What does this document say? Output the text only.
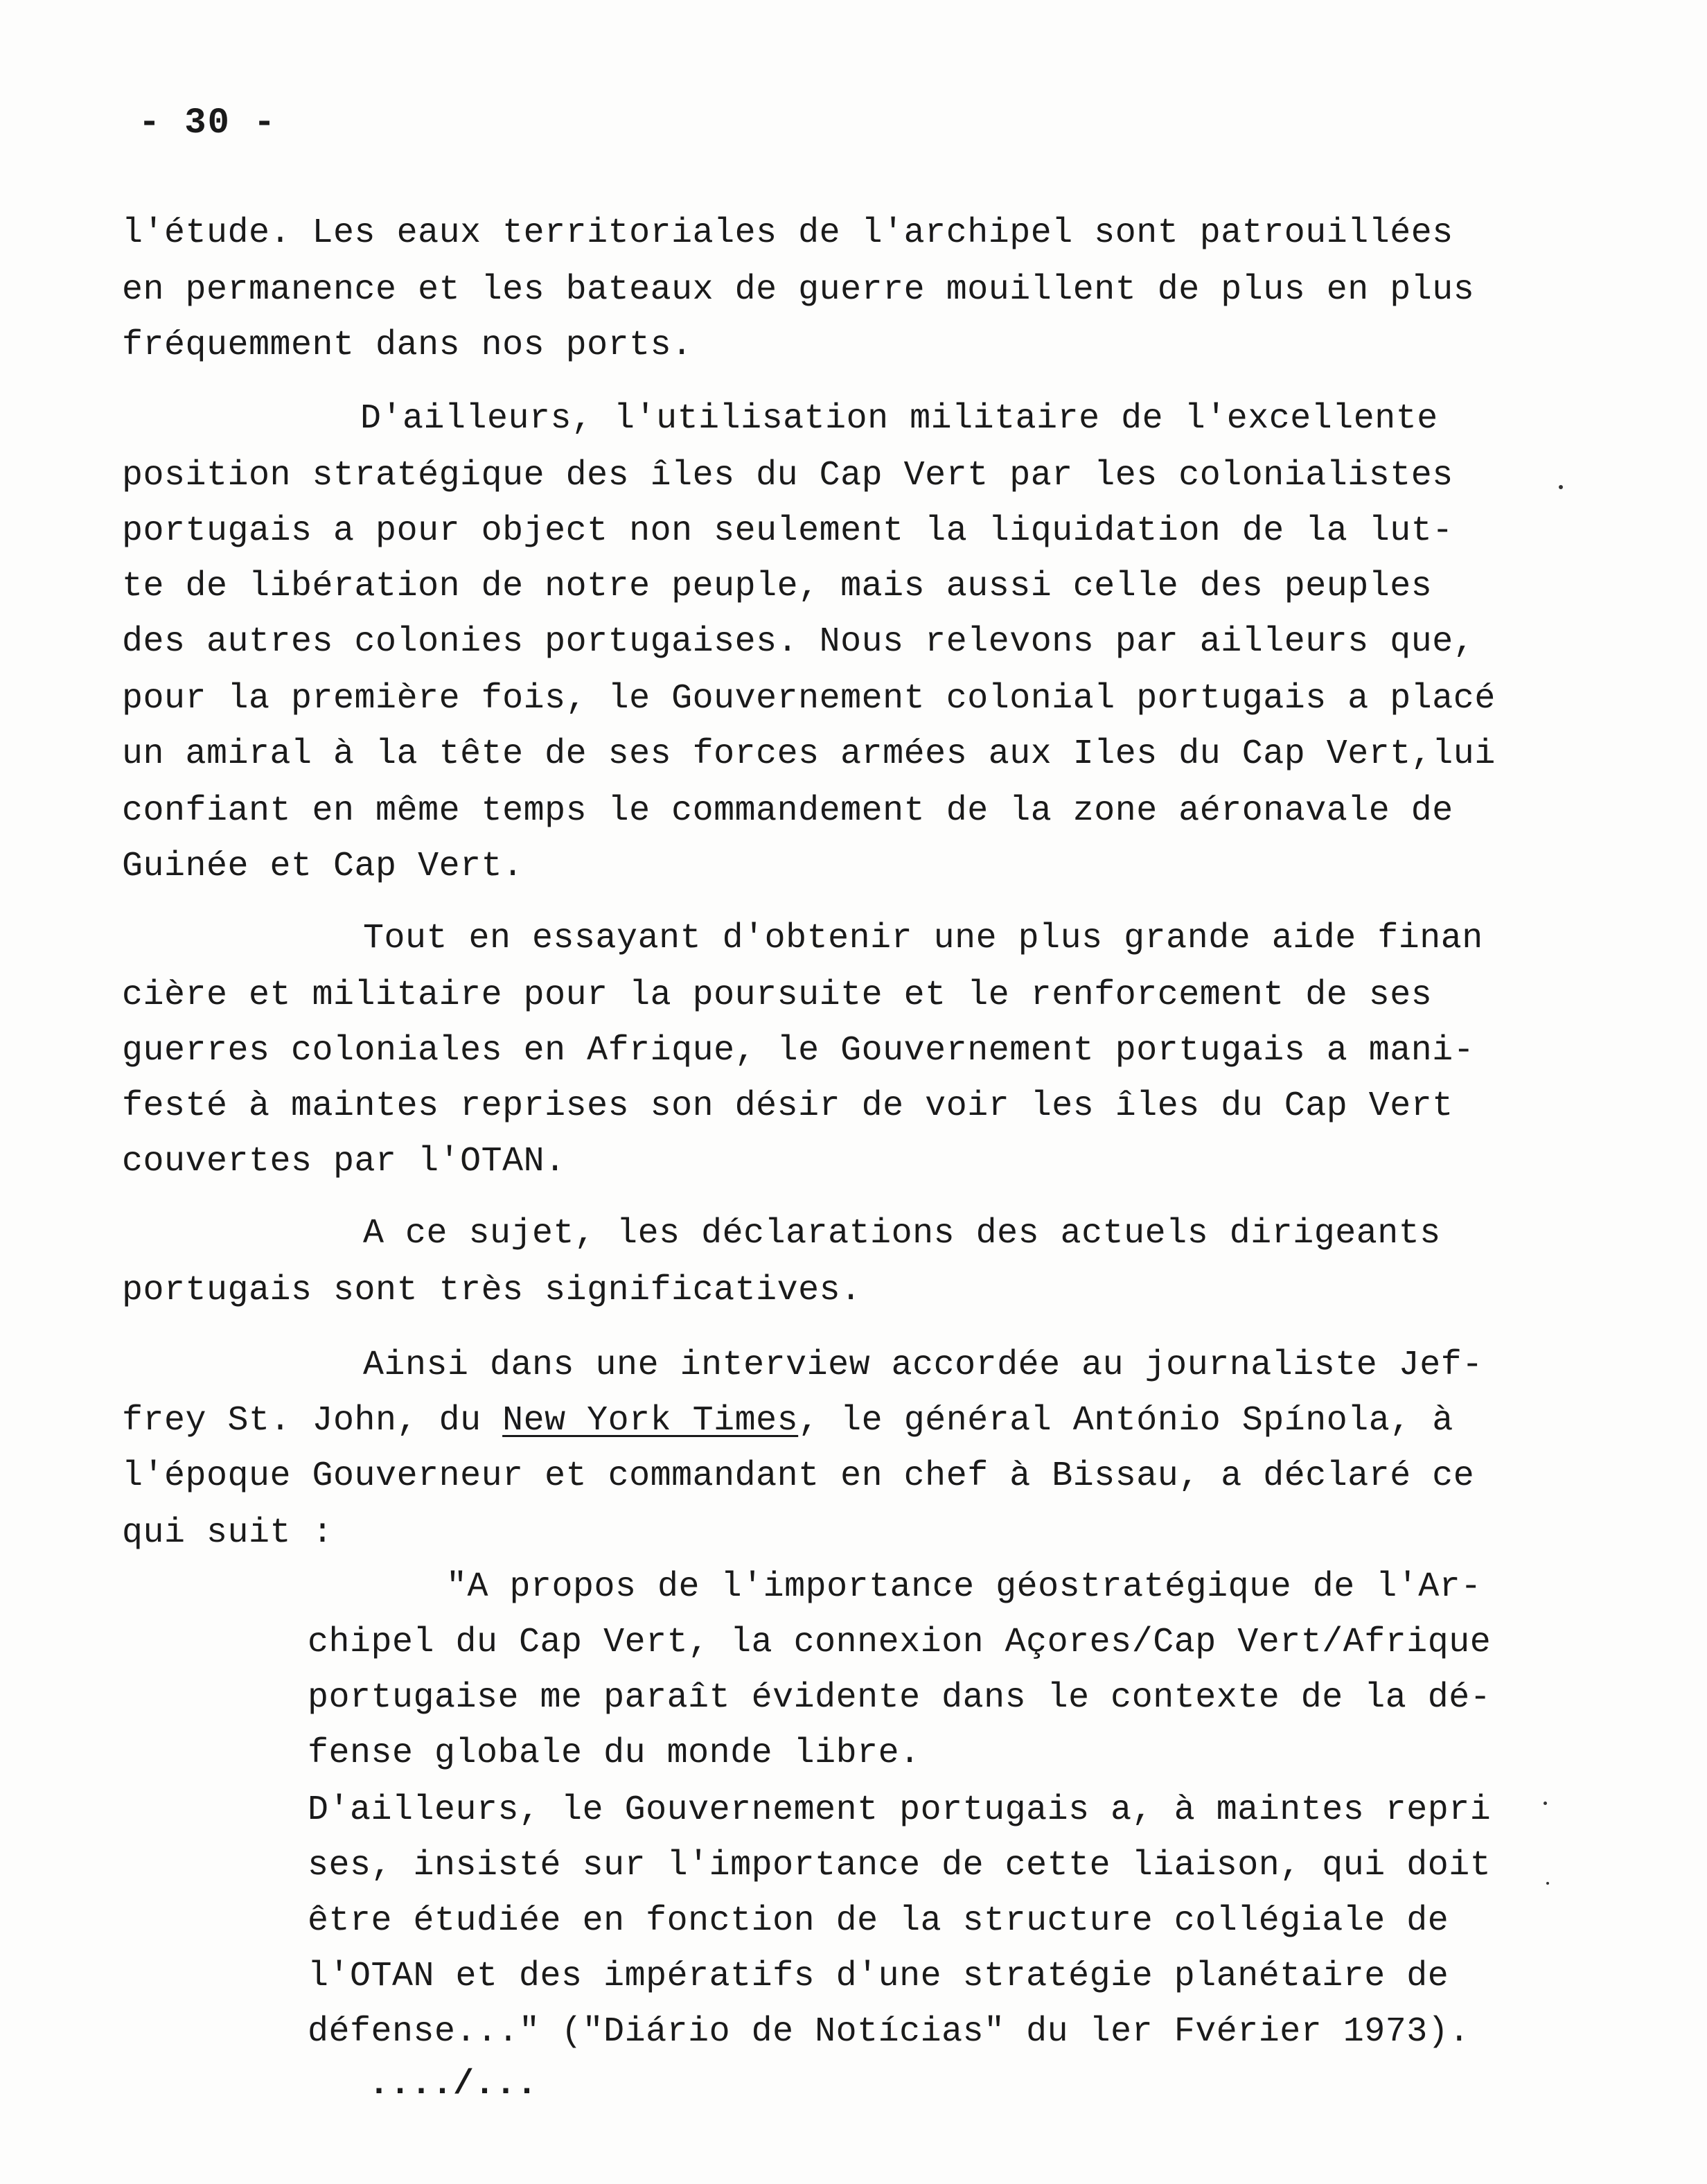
- 30 -
l'étude. Les eaux territoriales de l'archipel sont patrouillées
en permanence et les bateaux de guerre mouillent de plus en plus
fréquemment dans nos ports.
D'ailleurs, l'utilisation militaire de l'excellente
position stratégique des îles du Cap Vert par les colonialistes
portugais a pour object non seulement la liquidation de la lut-
te de libération de notre peuple, mais aussi celle des peuples
des autres colonies portugaises. Nous relevons par ailleurs que,
pour la première fois, le Gouvernement colonial portugais a placé
un amiral à la tête de ses forces armées aux Iles du Cap Vert,lui
confiant en même temps le commandement de la zone aéronavale de
Guinée et Cap Vert.
Tout en essayant d'obtenir une plus grande aide finan
cière et militaire pour la poursuite et le renforcement de ses
guerres coloniales en Afrique, le Gouvernement portugais a mani-
festé à maintes reprises son désir de voir les îles du Cap Vert
couvertes par l'OTAN.
A ce sujet, les déclarations des actuels dirigeants
portugais sont très significatives.
Ainsi dans une interview accordée au journaliste Jef-
frey St. John, du New York Times, le général António Spínola, à
l'époque Gouverneur et commandant en chef à Bissau, a déclaré ce
qui suit :
"A propos de l'importance géostratégique de l'Ar-
chipel du Cap Vert, la connexion Açores/Cap Vert/Afrique
portugaise me paraît évidente dans le contexte de la dé-
fense globale du monde libre.
D'ailleurs, le Gouvernement portugais a, à maintes repri
ses, insisté sur l'importance de cette liaison, qui doit
être étudiée en fonction de la structure collégiale de
l'OTAN et des impératifs d'une stratégie planétaire de
défense..." ("Diário de Notícias" du ler Fvérier 1973).
..../...
